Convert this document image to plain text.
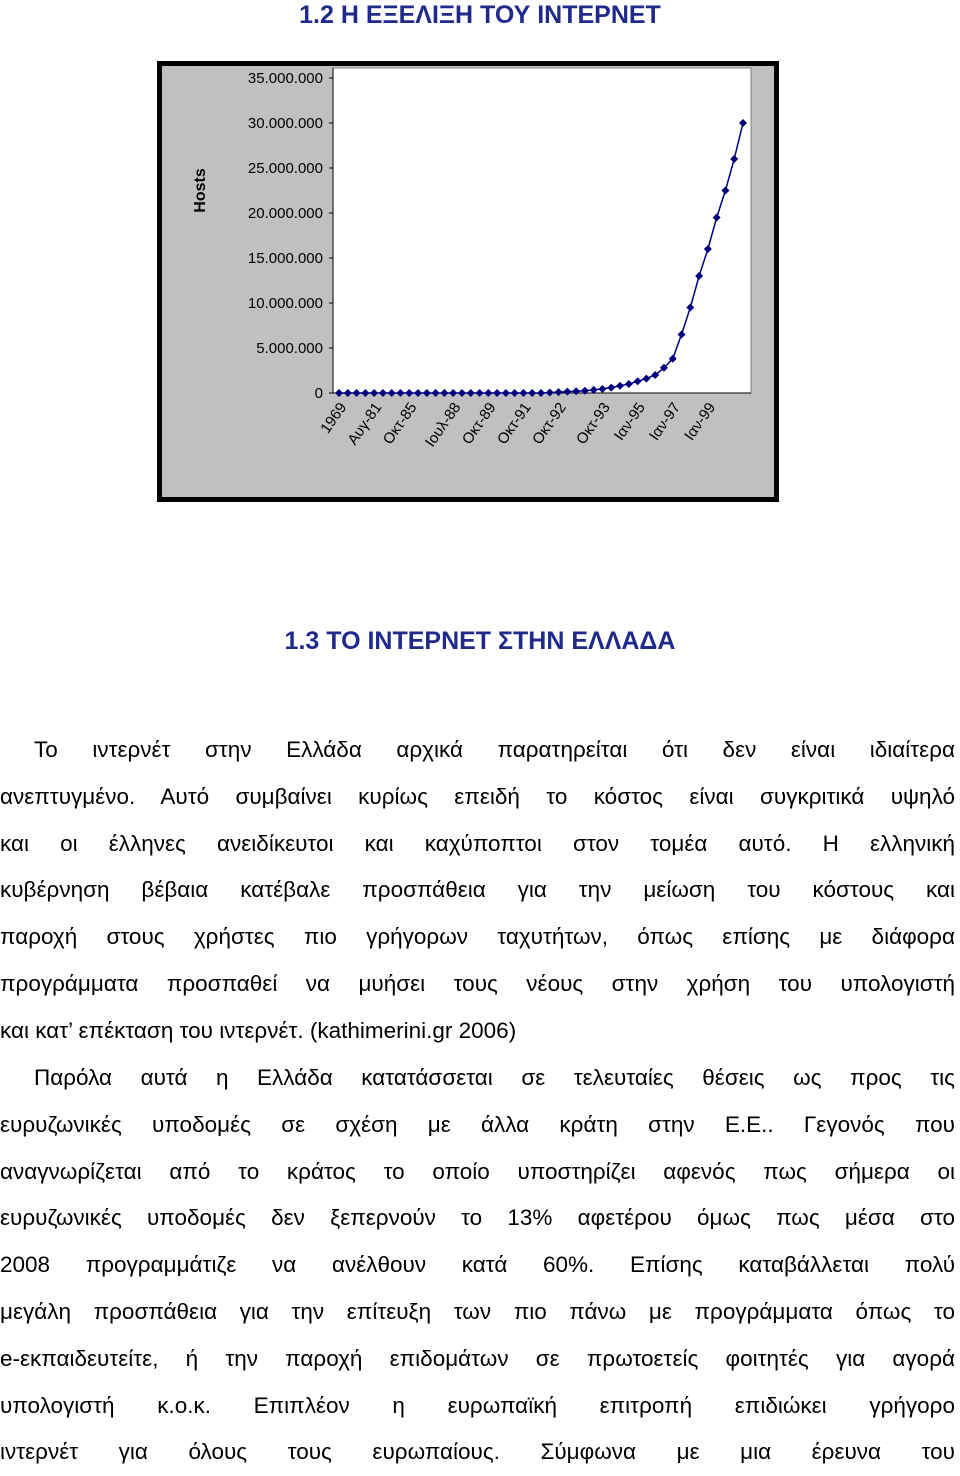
1.2 Η ΕΞΕΛΙΞΗ ΤΟΥ ΙΝΤΕΡΝΕΤ
0
5.000.000
10.000.000
15.000.000
20.000.000
25.000.000
30.000.000
35.000.000
Hosts
1969
Αυγ-81
Οκτ-85 Ιουλ-88
Οκτ-89
Οκτ-91
Οκτ-92 Οκτ-93
Ιαν-95
Ιαν-97
Ιαν-99
1.3 ΤΟ ΙΝΤΕΡΝΕΤ ΣΤΗΝ ΕΛΛΑΔΑ
Το ιντερνέτ στην Ελλάδα αρχικά παρατηρείται ότι δεν είναι ιδιαίτερα
ανεπτυγμένο. Αυτό συμβαίνει κυρίως επειδή το κόστος είναι συγκριτικά υψηλό
και οι έλληνες ανειδίκευτοι και καχύποπτοι στον τομέα αυτό. Η ελληνική
κυβέρνηση βέβαια κατέβαλε προσπάθεια για την μείωση του κόστους και
παροχή στους χρήστες πιο γρήγορων ταχυτήτων, όπως επίσης με διάφορα
προγράμματα προσπαθεί να μυήσει τους νέους στην χρήση του υπολογιστή
και κατ’ επέκταση του ιντερνέτ. (kathimerini.gr 2006)
Παρόλα αυτά η Ελλάδα κατατάσσεται σε τελευταίες θέσεις ως προς τις
ευρυζωνικές υποδομές σε σχέση με άλλα κράτη στην Ε.Ε.. Γεγονός που
αναγνωρίζεται από το κράτος το οποίο υποστηρίζει αφενός πως σήμερα οι
ευρυζωνικές υποδομές δεν ξεπερνούν το 13% αφετέρου όμως πως μέσα στο
2008 προγραμμάτιζε να ανέλθουν κατά 60%. Επίσης καταβάλλεται πολύ
μεγάλη προσπάθεια για την επίτευξη των πιο πάνω με προγράμματα όπως το
e-εκπαιδευτείτε, ή την παροχή επιδομάτων σε πρωτοετείς φοιτητές για αγορά
υπολογιστή κ.ο.κ. Επιπλέον η ευρωπαϊκή επιτροπή επιδιώκει γρήγορο
ιντερνέτ για όλους τους ευρωπαίους. Σύμφωνα με μια έρευνα του
